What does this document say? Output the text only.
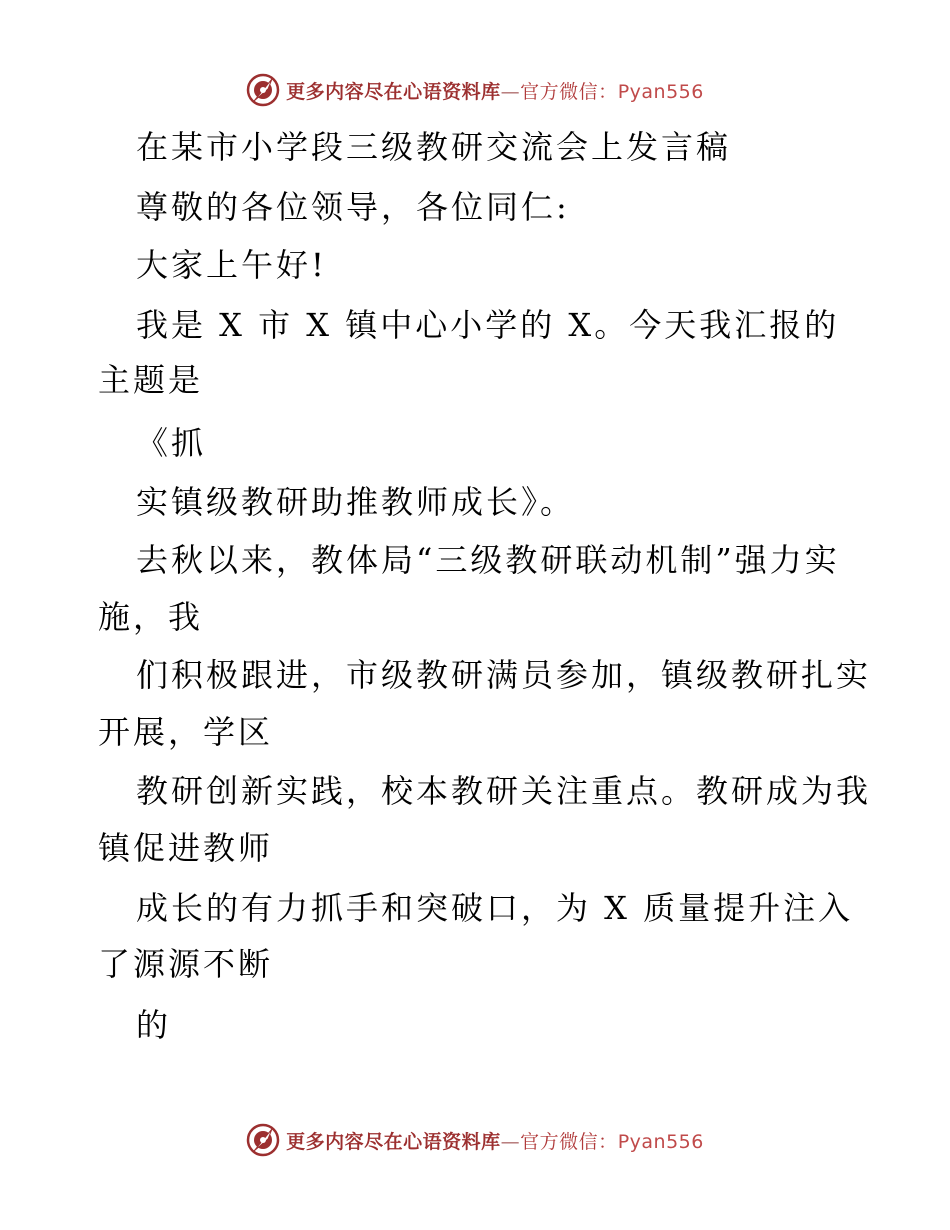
更多内容尽在心语资料库—官方微信：Pyan556
在某市小学段三级教研交流会上发言稿
尊敬的各位领导，各位同仁:
大家上午好!
我是 X 市 X 镇中心小学的 X。今天我汇报的
主题是
《抓
实镇级教研助推教师成长》。
去秋以来，教体局“三级教研联动机制”强力实
施，我
们积极跟进，市级教研满员参加，镇级教研扎实
开展，学区
教研创新实践，校本教研关注重点。教研成为我
镇促进教师
成长的有力抓手和突破口，为 X 质量提升注入
了源源不断
的
更多内容尽在心语资料库—官方微信：Pyan556
